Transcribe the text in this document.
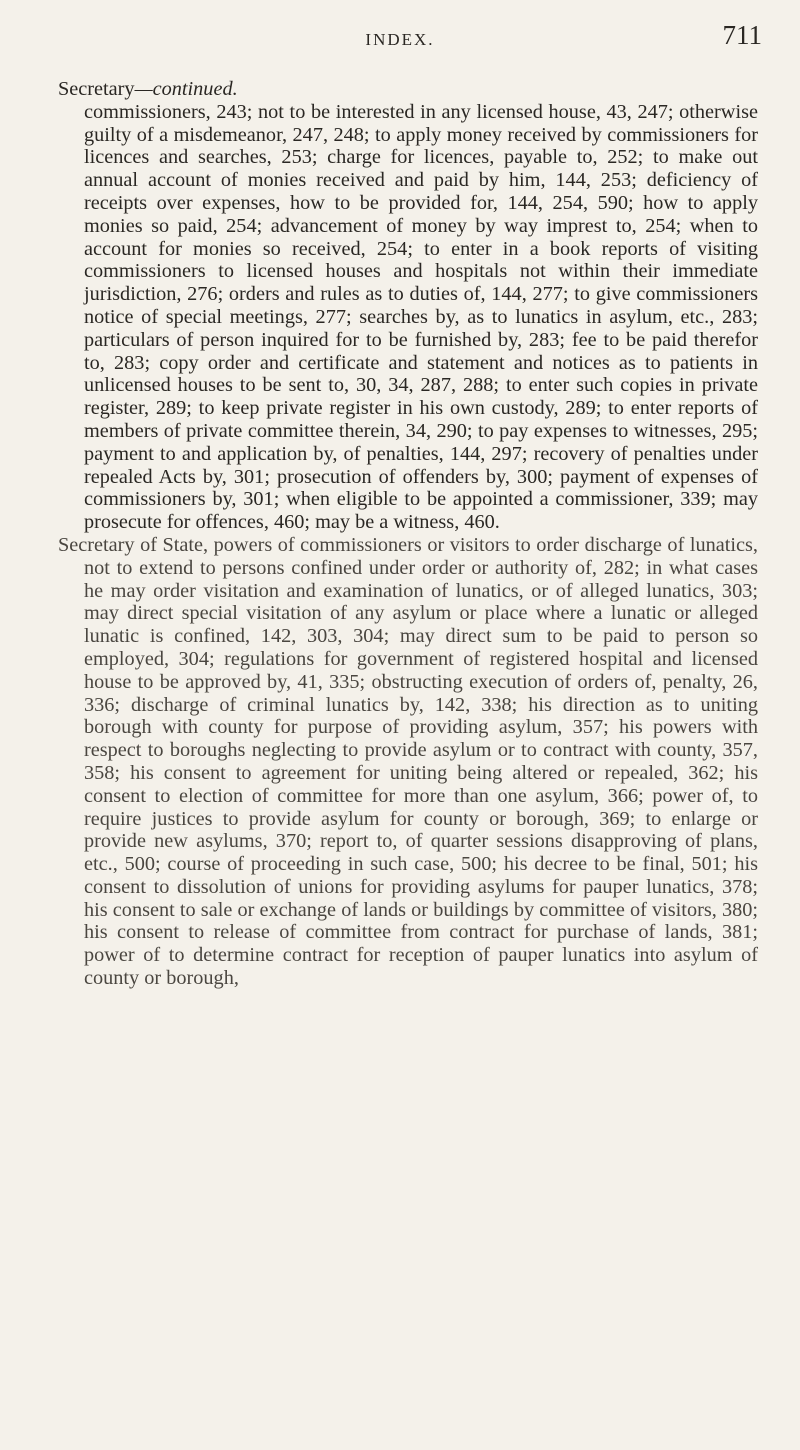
INDEX.	711

Secretary—continued.
commissioners, 243; not to be interested in any licensed house, 43, 247; otherwise guilty of a misdemeanor, 247, 248; to apply money received by commissioners for licences and searches, 253; charge for licences, payable to, 252; to make out annual account of monies received and paid by him, 144, 253; deficiency of receipts over expenses, how to be provided for, 144, 254, 590; how to apply monies so paid, 254; advancement of money by way imprest to, 254; when to account for monies so received, 254; to enter in a book reports of visiting commissioners to licensed houses and hospitals not within their immediate jurisdiction, 276; orders and rules as to duties of, 144, 277; to give commissioners notice of special meetings, 277; searches by, as to lunatics in asylum, etc., 283; particulars of person inquired for to be furnished by, 283; fee to be paid therefor to, 283; copy order and certificate and statement and notices as to patients in unlicensed houses to be sent to, 30, 34, 287, 288; to enter such copies in private register, 289; to keep private register in his own custody, 289; to enter reports of members of private committee therein, 34, 290; to pay expenses to witnesses, 295; payment to and application by, of penalties, 144, 297; recovery of penalties under repealed Acts by, 301; prosecution of offenders by, 300; payment of expenses of commissioners by, 301; when eligible to be appointed a commissioner, 339; may prosecute for offences, 460; may be a witness, 460.

Secretary of State, powers of commissioners or visitors to order discharge of lunatics, not to extend to persons confined under order or authority of, 282; in what cases he may order visitation and examination of lunatics, or of alleged lunatics, 303; may direct special visitation of any asylum or place where a lunatic or alleged lunatic is confined, 142, 303, 304; may direct sum to be paid to person so employed, 304; regulations for government of registered hospital and licensed house to be approved by, 41, 335; obstructing execution of orders of, penalty, 26, 336; discharge of criminal lunatics by, 142, 338; his direction as to uniting borough with county for purpose of providing asylum, 357; his powers with respect to boroughs neglecting to provide asylum or to contract with county, 357, 358; his consent to agreement for uniting being altered or repealed, 362; his consent to election of committee for more than one asylum, 366; power of, to require justices to provide asylum for county or borough, 369; to enlarge or provide new asylums, 370; report to, of quarter sessions disapproving of plans, etc., 500; course of proceeding in such case, 500; his decree to be final, 501; his consent to dissolution of unions for providing asylums for pauper lunatics, 378; his consent to sale or exchange of lands or buildings by committee of visitors, 380; his consent to release of committee from contract for purchase of lands, 381; power of to determine contract for reception of pauper lunatics into asylum of county or borough,
